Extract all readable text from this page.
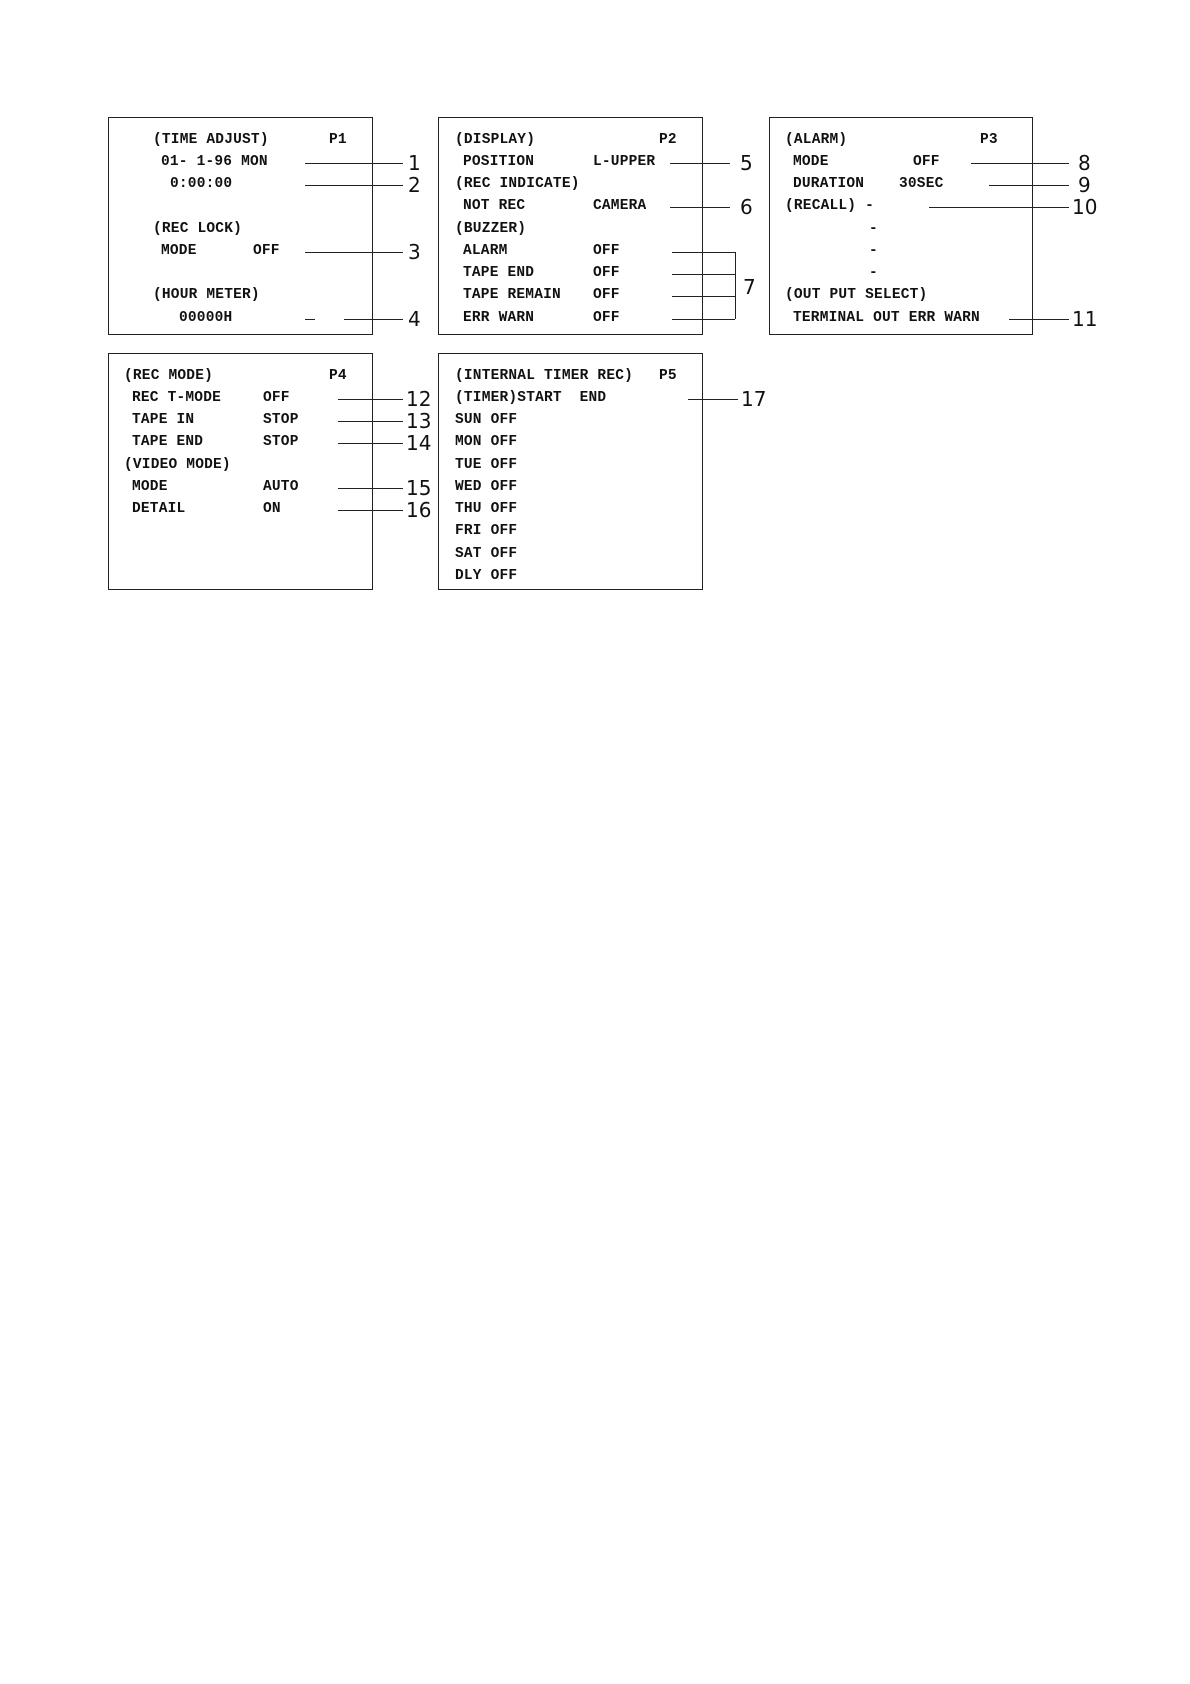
(TIME ADJUST)	P1
01- 1-96 MON
0:00:00
(REC LOCK)
MODE	OFF
(HOUR METER)
00000H
(DISPLAY)	P2
POSITION	L-UPPER
(REC INDICATE)
NOT REC	CAMERA
(BUZZER)
ALARM	OFF
TAPE END	OFF
TAPE REMAIN OFF
ERR WARN	OFF
(ALARM)	P3
MODE	OFF
DURATION 30SEC
(RECALL) -
-
-
-
(OUT PUT SELECT)
TERMINAL OUT ERR WARN
(REC MODE)	P4
REC T-MODE	OFF
TAPE IN	STOP
TAPE END	STOP
(VIDEO MODE)
MODE	AUTO
DETAIL	ON
(INTERNAL TIMER REC) P5
(TIMER)START  END
SUN OFF
MON OFF
TUE OFF
WED OFF
THU OFF
FRI OFF
SAT OFF
DLY OFF
1
2
3
4
5
6
7
8
9
10
11
12
13
14
15
16
17
